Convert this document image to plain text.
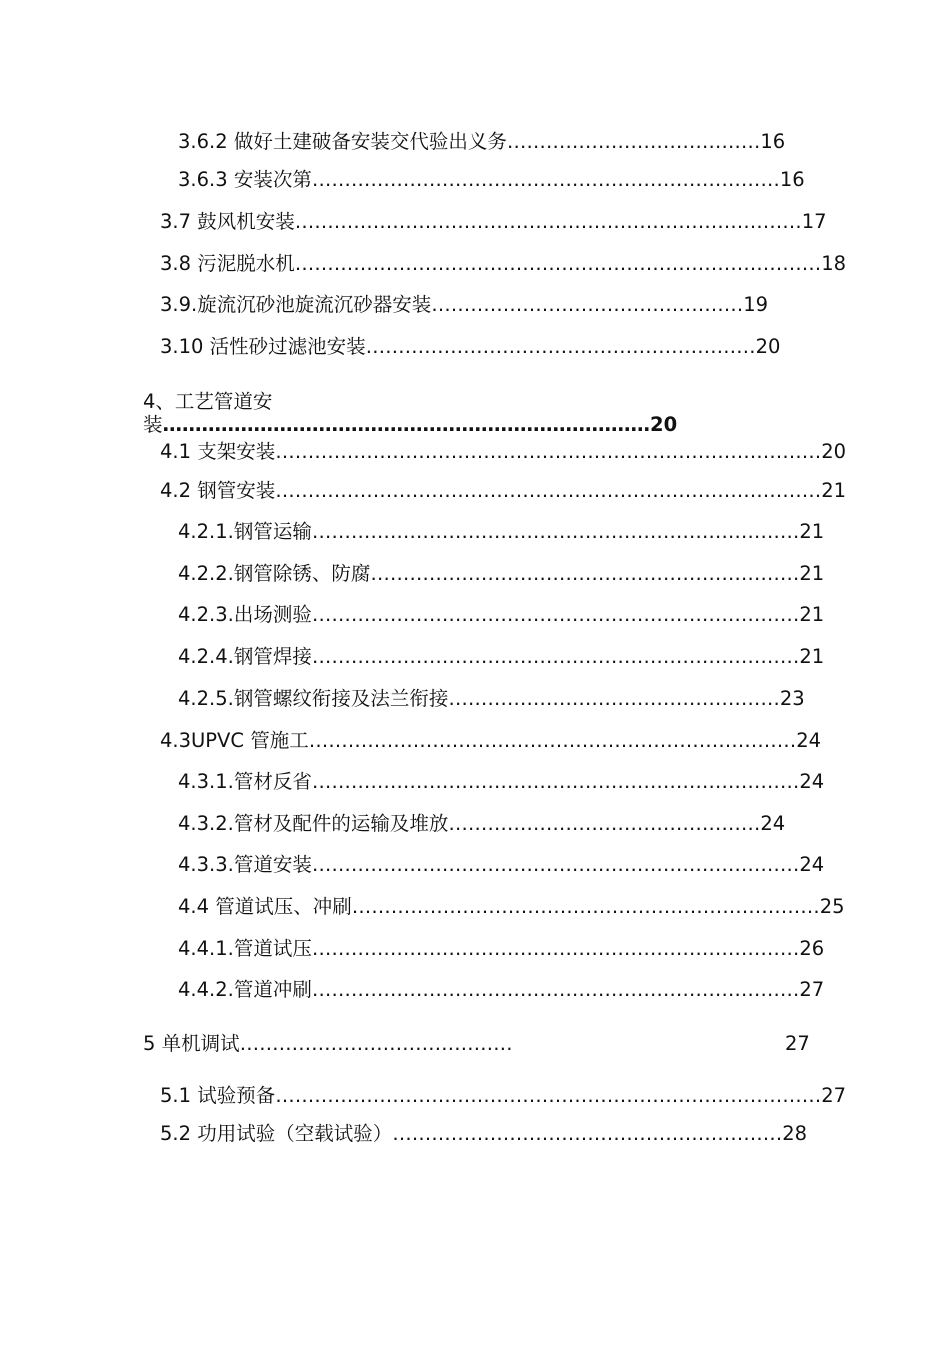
3.6.2 做好土建破备安装交代验出义务…………………………………16
3.6.3 安装次第………………………………………………………………16
3.7 鼓风机安装……………………………………………………………………17
3.8 污泥脱水机………………………………………………………………………18
3.9.旋流沉砂池旋流沉砂器安装…………………………………………19
3.10 活性砂过滤池安装……………………………………………………20
4、工艺管道安
装…………………………………………………………………20
4.1 支架安装…………………………………………………………………………20
4.2 钢管安装…………………………………………………………………………21
4.2.1.钢管运输…………………………………………………………………21
4.2.2.钢管除锈、防腐…………………………………………………………21
4.2.3.出场测验…………………………………………………………………21
4.2.4.钢管焊接…………………………………………………………………21
4.2.5.钢管螺纹衔接及法兰衔接……………………………………………23
4.3UPVC 管施工…………………………………………………………………24
4.3.1.管材反省…………………………………………………………………24
4.3.2.管材及配件的运输及堆放…………………………………………24
4.3.3.管道安装…………………………………………………………………24
4.4 管道试压、冲刷………………………………………………………………25
4.4.1.管道试压…………………………………………………………………26
4.4.2.管道冲刷…………………………………………………………………27
5 单机调试……………………………………	27
5.1 试验预备…………………………………………………………………………27
5.2 功用试验（空载试验）……………………………………………………28
